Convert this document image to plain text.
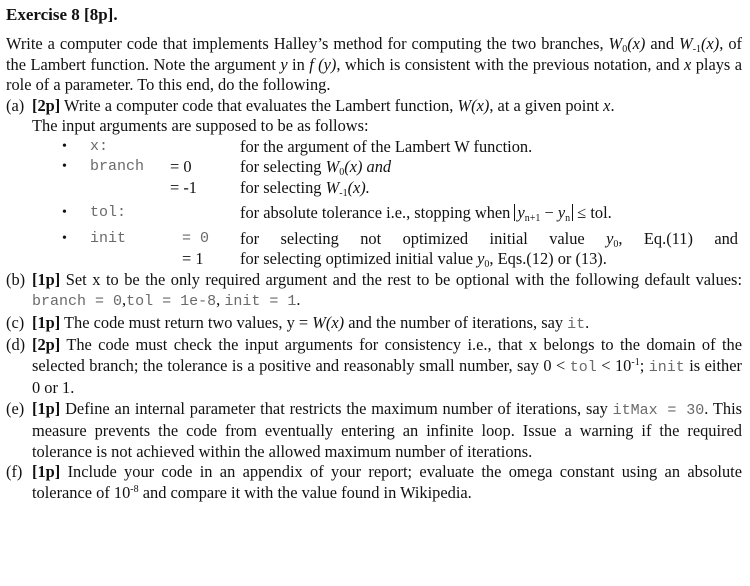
Exercise 8 [8p].

Write a computer code that implements Halley’s method for computing the two branches, $W_0(x)$ and $W_{-1}(x)$, of the Lambert function. Note the argument y in f (y), which is consistent with the previous notation, and x plays a role of a parameter. To this end, do the following.

(a) [2p] Write a computer code that evaluates the Lambert function, W(x), at a given point x.

The input arguments are supposed to be as follows:

• x:	for the argument of the Lambert W function.
• branch = 0	for selecting $W_0(x)$ and
= -1	for selecting $W_{-1}(x)$.
• tol:	for absolute tolerance i.e., stopping when $y_{n+1} - y_n$ ≤ tol.
• init	= 0 for selecting not optimized initial value $y_0$, Eq.(11) and
= 1 for selecting optimized initial value $y_0$, Eqs.(12) or (13).
(b) [1p] Set x to be the only required argument and the rest to be optional with the following default values: branch = 0,tol = 1e-8, init = 1.

(c) [1p] The code must return two values, y = W(x) and the number of iterations, say it.

(d) [2p] The code must check the input arguments for consistency i.e., that x belongs to the domain of the selected branch; the tolerance is a positive and reasonably small number, say 0 < tol < $10^{-1}$; init is either 0 or 1.

(e) [1p] Define an internal parameter that restricts the maximum number of iterations, say itMax = 30. This measure prevents the code from eventually entering an infinite loop. Issue a warning if the required tolerance is not achieved within the allowed maximum number of iterations.

(f) [1p] Include your code in an appendix of your report; evaluate the omega constant using an absolute tolerance of $10^{-8}$ and compare it with the value found in Wikipedia.
